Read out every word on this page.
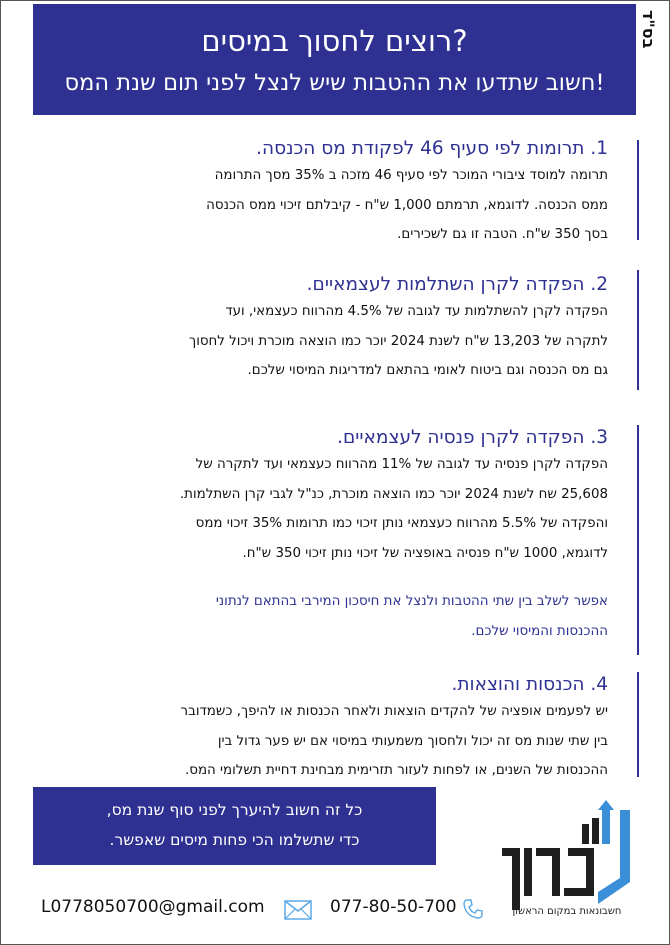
רוצים לחסוך במיסים?
חשוב שתדעו את ההטבות שיש לנצל לפני תום שנת המס!
בס"ד
1. תרומות לפי סעיף 46 לפקודת מס הכנסה.

תרומה למוסד ציבורי המוכר לפי סעיף 46 מזכה ב 35% מסך התרומה

ממס הכנסה. לדוגמא, תרמתם 1,000 ש"ח - קיבלתם זיכוי ממס הכנסה

בסך 350 ש"ח. הטבה זו גם לשכירים.

2. הפקדה לקרן השתלמות לעצמאיים.

הפקדה לקרן להשתלמות עד לגובה של 4.5% מהרווח כעצמאי, ועד

לתקרה של 13,203 ש"ח לשנת 2024 יוכר כמו הוצאה מוכרת ויכול לחסוך

גם מס הכנסה וגם ביטוח לאומי בהתאם למדריגות המיסוי שלכם.

3. הפקדה לקרן פנסיה לעצמאיים.

הפקדה לקרן פנסיה עד לגובה של 11% מהרווח כעצמאי ועד לתקרה של

25,608 שח לשנת 2024 יוכר כמו הוצאה מוכרת, כנ"ל לגבי קרן השתלמות.

והפקדה של 5.5% מהרווח כעצמאי נותן זיכוי כמו תרומות 35% זיכוי ממס

לדוגמא, 1000 ש"ח פנסיה באופציה של זיכוי נותן זיכוי 350 ש"ח.

אפשר לשלב בין שתי ההטבות ולנצל את חיסכון המירבי בהתאם לנתוני
ההכנסות והמיסוי שלכם.
4. הכנסות והוצאות.

יש לפעמים אופציה של להקדים הוצאות ולאחר הכנסות או להיפך, כשמדובר

בין שתי שנות מס זה יכול ולחסוך משמעותי במיסוי אם יש פער גדול בין

ההכנסות של השנים, או לפחות לעזור תזרימית מבחינת דחיית תשלומי המס.

כל זה חשוב להיערך לפני סוף שנת מס,
כדי שתשלמו הכי פחות מיסים שאפשר.
חשבונאות במקום הראשון
L0778050700@gmail.com	077-80-50-700
